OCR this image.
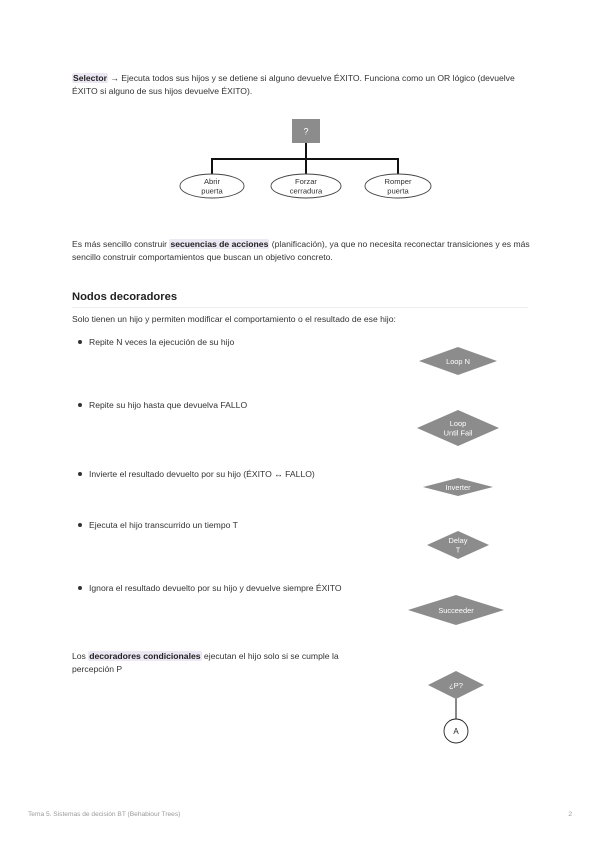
Selector → Ejecuta todos sus hijos y se detiene si alguno devuelve ÉXITO. Funciona como un OR lógico (devuelve ÉXITO si alguno de sus hijos devuelve ÉXITO).
?
Abrir
puerta
Forzar
cerradura
Romper
puerta
Es más sencillo construir secuencias de acciones (planificación), ya que no necesita reconectar transiciones y es más sencillo construir comportamientos que buscan un objetivo concreto.
Nodos decoradores
Solo tienen un hijo y permiten modificar el comportamiento o el resultado de ese hijo:
Repite N veces la ejecución de su hijo
Repite su hijo hasta que devuelva FALLO
Invierte el resultado devuelto por su hijo (ÉXITO ↔ FALLO)
Ejecuta el hijo transcurrido un tiempo T
Ignora el resultado devuelto por su hijo y devuelve siempre ÉXITO
Loop N
Loop
Until Fail
Inverter
Delay
T
Succeeder
Los decoradores condicionales ejecutan el hijo solo si se cumple la percepción P
¿P?
A
Tema 5. Sistemas de decisión BT (Behabiour Trees)	2
